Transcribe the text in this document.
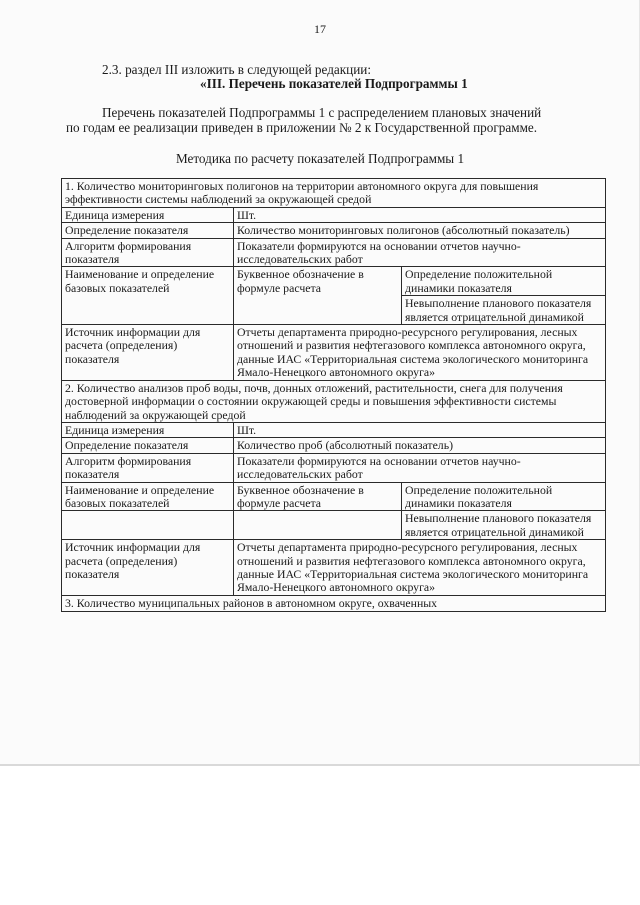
17
2.3. раздел III изложить в следующей редакции:
«III. Перечень показателей Подпрограммы 1
Перечень показателей Подпрограммы 1 с распределением плановых значений
по годам ее реализации приведен в приложении № 2 к Государственной программе.
Методика по расчету показателей Подпрограммы 1
1. Количество мониторинговых полигонов на территории автономного округа для повышения эффективности системы наблюдений за окружающей средой		
Единица измерения	Шт.	
Определение показателя	Количество мониторинговых полигонов (абсолютный показатель)	
Алгоритм формирования показателя	Показатели формируются на основании отчетов научно-исследовательских работ	
Наименование и определение базовых показателей	Буквенное обозначение в формуле расчета	Определение положительной динамики показателя
		Невыполнение планового показателя является отрицательной динамикой
Источник информации для расчета (определения) показателя	Отчеты департамента природно-ресурсного регулирования, лесных отношений и развития нефтегазового комплекса автономного округа, данные ИАС «Территориальная система экологического мониторинга Ямало-Ненецкого автономного округа»	
2. Количество анализов проб воды, почв, донных отложений, растительности, снега для получения достоверной информации о состоянии окружающей среды и повышения эффективности системы наблюдений за окружающей средой		
Единица измерения	Шт.	
Определение показателя	Количество проб (абсолютный показатель)	
Алгоритм формирования показателя	Показатели формируются на основании отчетов научно-исследовательских работ	
Наименование и определение базовых показателей	Буквенное обозначение в формуле расчета	Определение положительной динамики показателя
		Невыполнение планового показателя является отрицательной динамикой
Источник информации для расчета (определения) показателя	Отчеты департамента природно-ресурсного регулирования, лесных отношений и развития нефтегазового комплекса автономного округа, данные ИАС «Территориальная система экологического мониторинга Ямало-Ненецкого автономного округа»	

3. Количество муниципальных районов в автономном округе, охваченных		
